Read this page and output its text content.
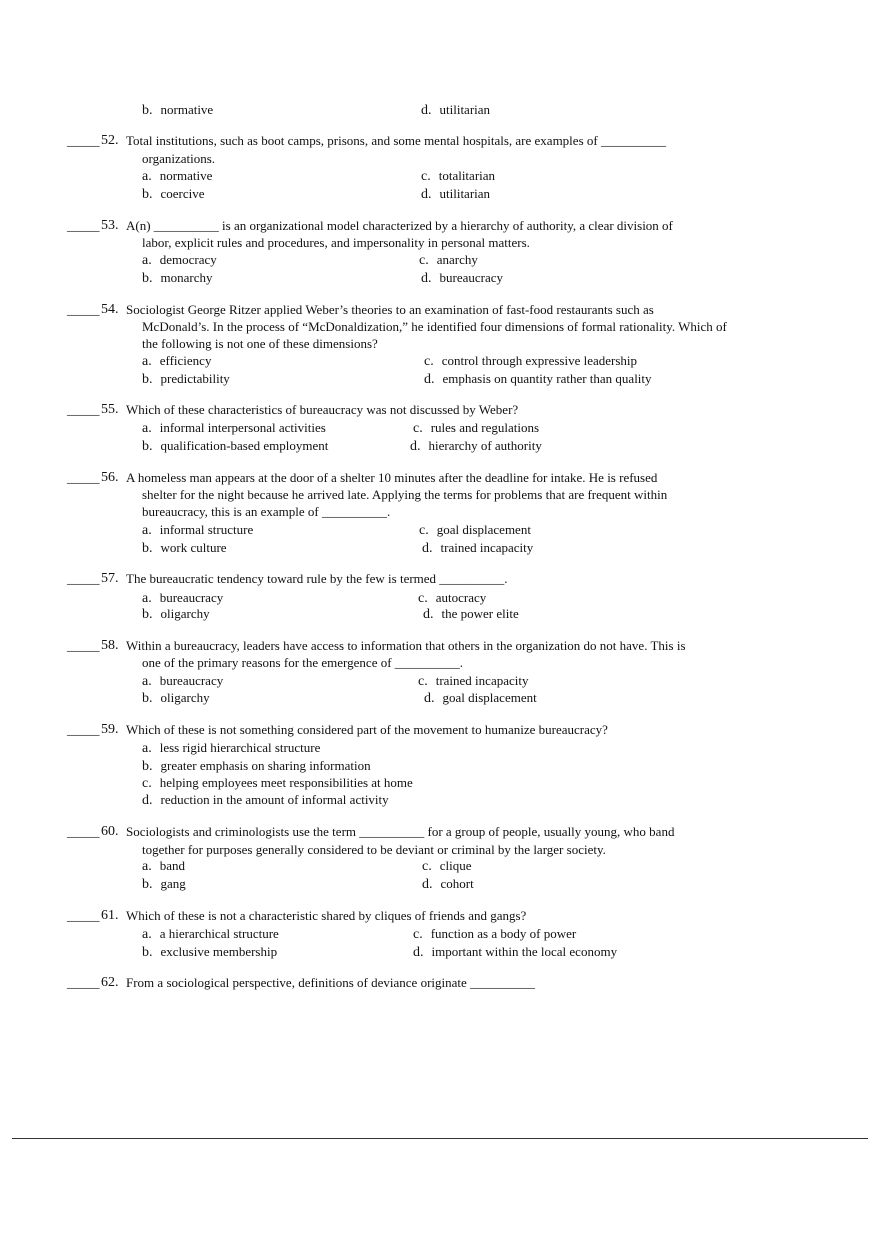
b. normative	d. utilitarian
_____ 52. Total institutions, such as boot camps, prisons, and some mental hospitals, are examples of __________
organizations.
a. normative
b. coercive
c. totalitarian
d. utilitarian
_____ 53. A(n) __________ is an organizational model characterized by a hierarchy of authority, a clear division of
labor, explicit rules and procedures, and impersonality in personal matters.
a. democracy
b. monarchy
c. anarchy
d. bureaucracy
_____ 54. Sociologist George Ritzer applied Weber’s theories to an examination of fast-food restaurants such as
McDonald’s. In the process of “McDonaldization,” he identified four dimensions of formal rationality. Which of
the following is not one of these dimensions?
a. efficiency
b. predictability
c. control through expressive leadership
d. emphasis on quantity rather than quality
_____ 55. Which of these characteristics of bureaucracy was not discussed by Weber?
a. informal interpersonal activities
b. qualification-based employment
c. rules and regulations
d. hierarchy of authority
_____ 56. A homeless man appears at the door of a shelter 10 minutes after the deadline for intake. He is refused
shelter for the night because he arrived late. Applying the terms for problems that are frequent within
bureaucracy, this is an example of __________.
a. informal structure
b. work culture
c. goal displacement
d. trained incapacity
_____ 57. The bureaucratic tendency toward rule by the few is termed __________.
a. bureaucracy
b. oligarchy
c. autocracy
d. the power elite
_____ 58. Within a bureaucracy, leaders have access to information that others in the organization do not have. This is
one of the primary reasons for the emergence of __________.
a. bureaucracy
b. oligarchy
c. trained incapacity
d. goal displacement
_____ 59. Which of these is not something considered part of the movement to humanize bureaucracy?
a. less rigid hierarchical structure
b. greater emphasis on sharing information
c. helping employees meet responsibilities at home
d. reduction in the amount of informal activity
_____ 60. Sociologists and criminologists use the term __________ for a group of people, usually young, who band
together for purposes generally considered to be deviant or criminal by the larger society.
a. band
b. gang
c. clique
d. cohort
_____ 61. Which of these is not a characteristic shared by cliques of friends and gangs?
a. a hierarchical structure
b. exclusive membership
c. function as a body of power
d. important within the local economy
_____ 62. From a sociological perspective, definitions of deviance originate __________
